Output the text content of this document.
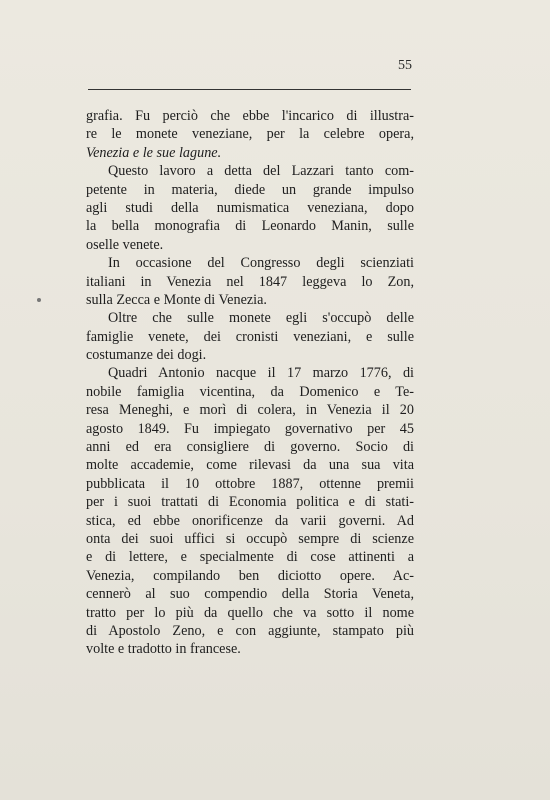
55
grafia. Fu perciò che ebbe l'incarico di illustra-
re le monete veneziane, per la celebre opera,
Venezia e le sue lagune.
Questo lavoro a detta del Lazzari tanto com-
petente in materia, diede un grande impulso
agli studi della numismatica veneziana, dopo
la bella monografia di Leonardo Manin, sulle
oselle venete.
In occasione del Congresso degli scienziati
italiani in Venezia nel 1847 leggeva lo Zon,
sulla Zecca e Monte di Venezia.
Oltre che sulle monete egli s'occupò delle
famiglie venete, dei cronisti veneziani, e sulle
costumanze dei dogi.
Quadri Antonio nacque il 17 marzo 1776, di
nobile famiglia vicentina, da Domenico e Te-
resa Meneghi, e morì di colera, in Venezia il 20
agosto 1849. Fu impiegato governativo per 45
anni ed era consigliere di governo. Socio di
molte accademie, come rilevasi da una sua vita
pubblicata il 10 ottobre 1887, ottenne premii
per i suoi trattati di Economia politica e di stati-
stica, ed ebbe onorificenze da varii governi. Ad
onta dei suoi uffici si occupò sempre di scienze
e di lettere, e specialmente di cose attinenti a
Venezia, compilando ben diciotto opere. Ac-
cennerò al suo compendio della Storia Veneta,
tratto per lo più da quello che va sotto il nome
di Apostolo Zeno, e con aggiunte, stampato più
volte e tradotto in francese.
